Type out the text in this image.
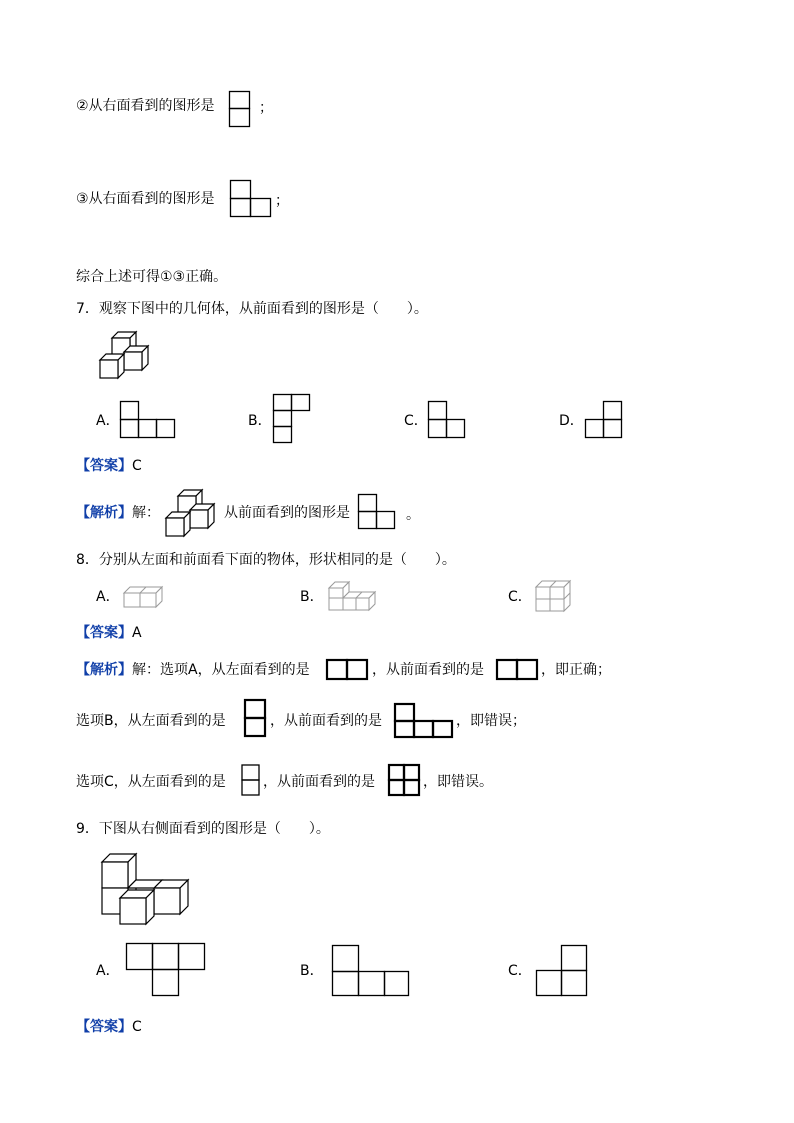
②从右面看到的图形是	；
③从右面看到的图形是	；
综合上述可得①③正确。
7．观察下图中的几何体，从前面看到的图形是（　　）。
A．	B．	C．	D．
【答案】C
【解析】解：	从前面看到的图形是	。
8．分别从左面和前面看下面的物体，形状相同的是（　　）。
A．	B．	C．
【答案】A
【解析】解：选项A，从左面看到的是	，从前面看到的是	，即正确；
选项B，从左面看到的是	，从前面看到的是	，即错误；
选项C，从左面看到的是	，从前面看到的是	，即错误。
9．下图从右侧面看到的图形是（　　）。
A．	B．	C．
【答案】C
